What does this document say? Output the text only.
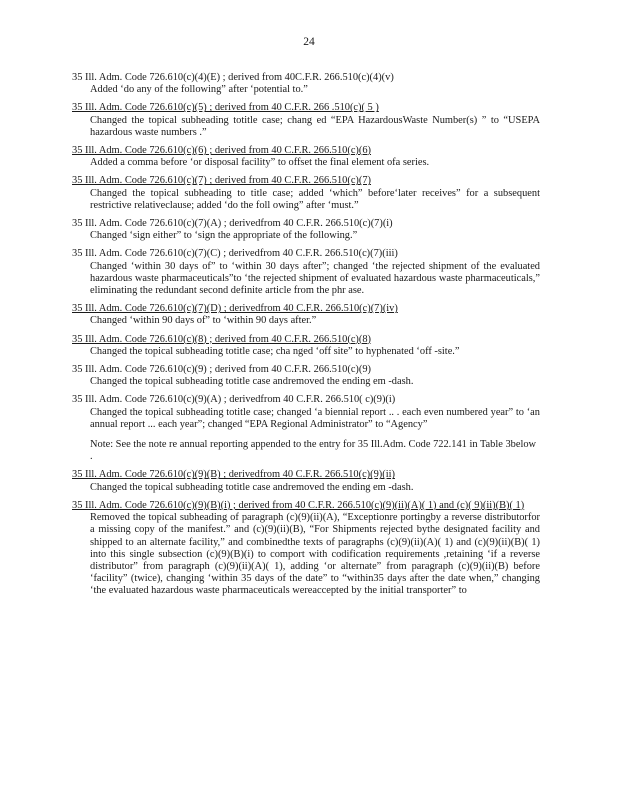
24
35 Ill. Adm. Code 726.610(c)(4)(E) ; derived from 40C.F.R. 266.510(c)(4)(v)
Added ‘do any of the following” after ‘potential to.”
35 Ill. Adm. Code 726.610(c)(5) ; derived from 40 C.F.R. 266 .510(c)( 5 )
Changed the topical subheading totitle case; chang ed “EPA HazardousWaste Number(s) ” to “USEPA hazardous waste numbers .”
35 Ill. Adm. Code 726.610(c)(6) ; derived from 40 C.F.R. 266.510(c)(6)
Added a comma before ‘or disposal facility” to offset the final element ofa series.
35 Ill. Adm. Code 726.610(c)(7) ; derived from 40 C.F.R. 266.510(c)(7)
Changed the topical subheading to title case; added ‘which” before‘later receives” for a subsequent restrictive relativeclause; added ‘do the foll owing” after ‘must.”
35 Ill. Adm. Code 726.610(c)(7)(A) ; derivedfrom 40 C.F.R. 266.510(c)(7)(i)
Changed ‘sign either” to ‘sign the appropriate of the following.”
35 Ill. Adm. Code 726.610(c)(7)(C) ; derivedfrom 40 C.F.R. 266.510(c)(7)(iii)
Changed ‘within 30 days of” to ‘within 30 days after”; changed ‘the rejected shipment of the evaluated hazardous waste pharmaceuticals”to ‘the rejected shipment of evaluated hazardous waste pharmaceuticals,” eliminating the redundant second definite article from the phr ase.
35 Ill. Adm. Code 726.610(c)(7)(D) ; derivedfrom 40 C.F.R. 266.510(c)(7)(iv)
Changed ‘within 90 days of” to ‘within 90 days after.”
35 Ill. Adm. Code 726.610(c)(8) ; derived from 40 C.F.R. 266.510(c)(8)
Changed the topical subheading totitle case; cha nged ‘off site” to hyphenated ‘off -site.”
35 Ill. Adm. Code 726.610(c)(9) ; derived from 40 C.F.R. 266.510(c)(9)
Changed the topical subheading totitle case andremoved the ending em -dash.
35 Ill. Adm. Code 726.610(c)(9)(A) ; derivedfrom 40 C.F.R. 266.510( c)(9)(i)
Changed the topical subheading totitle case; changed ‘a biennial report .. . each even numbered year” to ‘an annual report ... each year”; changed “EPA Regional Administrator” to “Agency”
Note: See the note re annual reporting appended to the entry for 35 Ill.Adm. Code 722.141 in Table 3below .
35 Ill. Adm. Code 726.610(c)(9)(B) ; derivedfrom 40 C.F.R. 266.510(c)(9)(ii)
Changed the topical subheading totitle case andremoved the ending em -dash.
35 Ill. Adm. Code 726.610(c)(9)(B)(i) ; derived from 40 C.F.R. 266.510(c)(9)(ii)(A)( 1) and (c)( 9)(ii)(B)( 1)
Removed the topical subheading of paragraph (c)(9)(ii)(A), “Exceptionre portingby a reverse distributorfor a missing copy of the manifest.” and (c)(9)(ii)(B), “For Shipments rejected bythe designated facility and shipped to an alternate facility,” and combinedthe texts of paragraphs (c)(9)(ii)(A)( 1) and (c)(9)(ii)(B)( 1) into this single subsection (c)(9)(B)(i) to comport with codification requirements ,retaining ‘if a reverse distributor” from paragraph (c)(9)(ii)(A)( 1), adding ‘or alternate” from paragraph (c)(9)(ii)(B) before ‘facility” (twice), changing ‘within 35 days of the date” to “within35 days after the date when,” changing ‘the evaluated hazardous waste pharmaceuticals wereaccepted by the initial transporter” to
